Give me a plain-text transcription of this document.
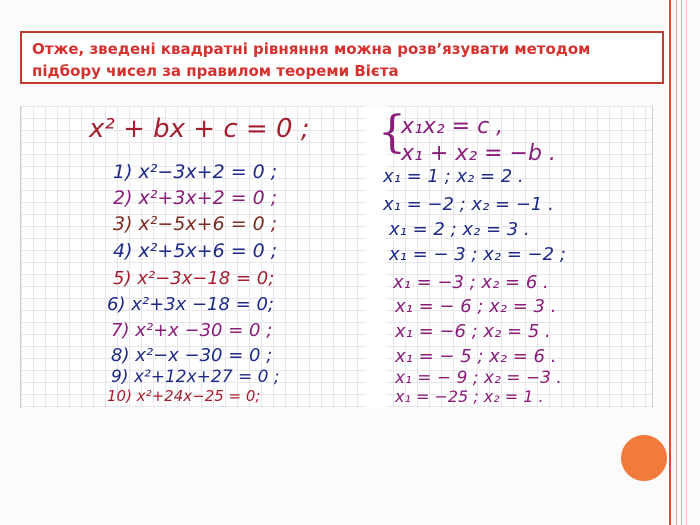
Отже, зведені квадратні рівняння можна розв’язувати методом підбору чисел за правилом теореми Вієта
x² + bx + c = 0 ;
1) x²−3x+2 = 0 ;
2) x²+3x+2 = 0 ;
3) x²−5x+6 = 0 ;
4) x²+5x+6 = 0 ;
5) x²−3x−18 = 0;
6) x²+3x −18 = 0;
7) x²+x −30 = 0 ;
8) x²−x −30 = 0 ;
9) x²+12x+27 = 0 ;
10) x²+24x−25 = 0;
{
x₁x₂ = c ,
x₁ + x₂ = −b .
x₁ = 1 ; x₂ = 2 .
x₁ = −2 ; x₂ = −1 .
x₁ = 2 ; x₂ = 3 .
x₁ = − 3 ; x₂ = −2 ;
x₁ = −3 ; x₂ = 6 .
x₁ = − 6 ; x₂ = 3 .
x₁ = −6 ; x₂ = 5 .
x₁ = − 5 ; x₂ = 6 .
x₁ = − 9 ; x₂ = −3 .
x₁ = −25 ; x₂ = 1 .
